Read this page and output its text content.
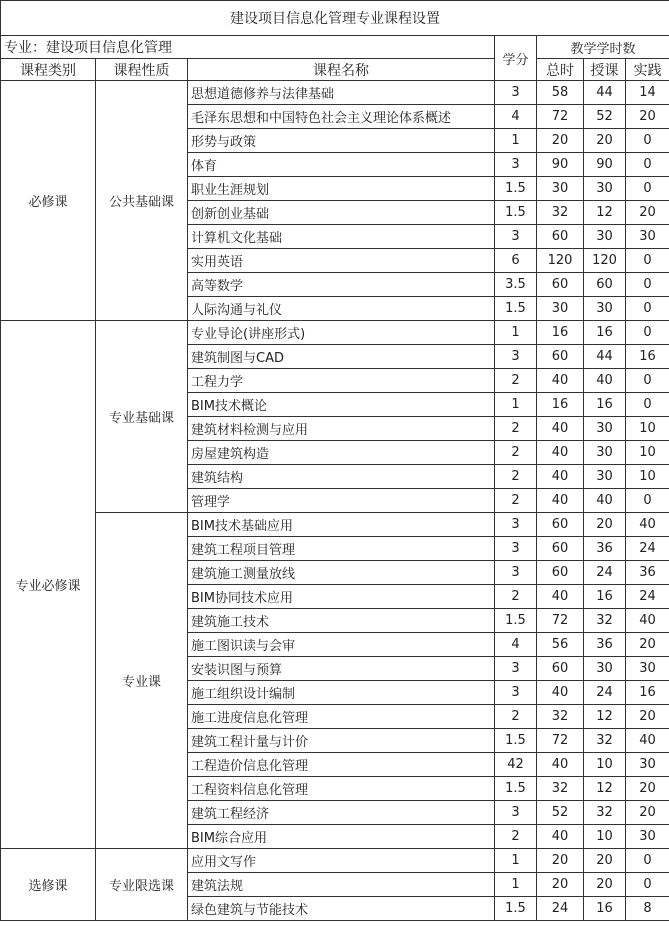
建设项目信息化管理专业课程设置						
专业：建设项目信息化管理			学分	教学学时数		
课程类别	课程性质	课程名称		总时	授课	实践
必修课	公共基础课	思想道德修养与法律基础	3	58	44	14
		毛泽东思想和中国特色社会主义理论体系概述	4	72	52	20
		形势与政策	1	20	20	0
		体育	3	90	90	0
		职业生涯规划	1.5	30	30	0
		创新创业基础	1.5	32	12	20
		计算机文化基础	3	60	30	30
		实用英语	6	120	120	0
		高等数学	3.5	60	60	0
		人际沟通与礼仪	1.5	30	30	0
专业必修课	专业基础课	专业导论(讲座形式)	1	16	16	0
		建筑制图与CAD	3	60	44	16
		工程力学	2	40	40	0
		BIM技术概论	1	16	16	0
		建筑材料检测与应用	2	40	30	10
		房屋建筑构造	2	40	30	10
		建筑结构	2	40	30	10
		管理学	2	40	40	0
	专业课	BIM技术基础应用	3	60	20	40
		建筑工程项目管理	3	60	36	24
		建筑施工测量放线	3	60	24	36
		BIM协同技术应用	2	40	16	24
		建筑施工技术	1.5	72	32	40
		施工图识读与会审	4	56	36	20
		安装识图与预算	3	60	30	30
		施工组织设计编制	3	40	24	16
		施工进度信息化管理	2	32	12	20
		建筑工程计量与计价	1.5	72	32	40
		工程造价信息化管理	42	40	10	30
		工程资料信息化管理	1.5	32	12	20
		建筑工程经济	3	52	32	20
		BIM综合应用	2	40	10	30
选修课	专业限选课	应用文写作	1	20	20	0
		建筑法规	1	20	20	0
		绿色建筑与节能技术	1.5	24	16	8
